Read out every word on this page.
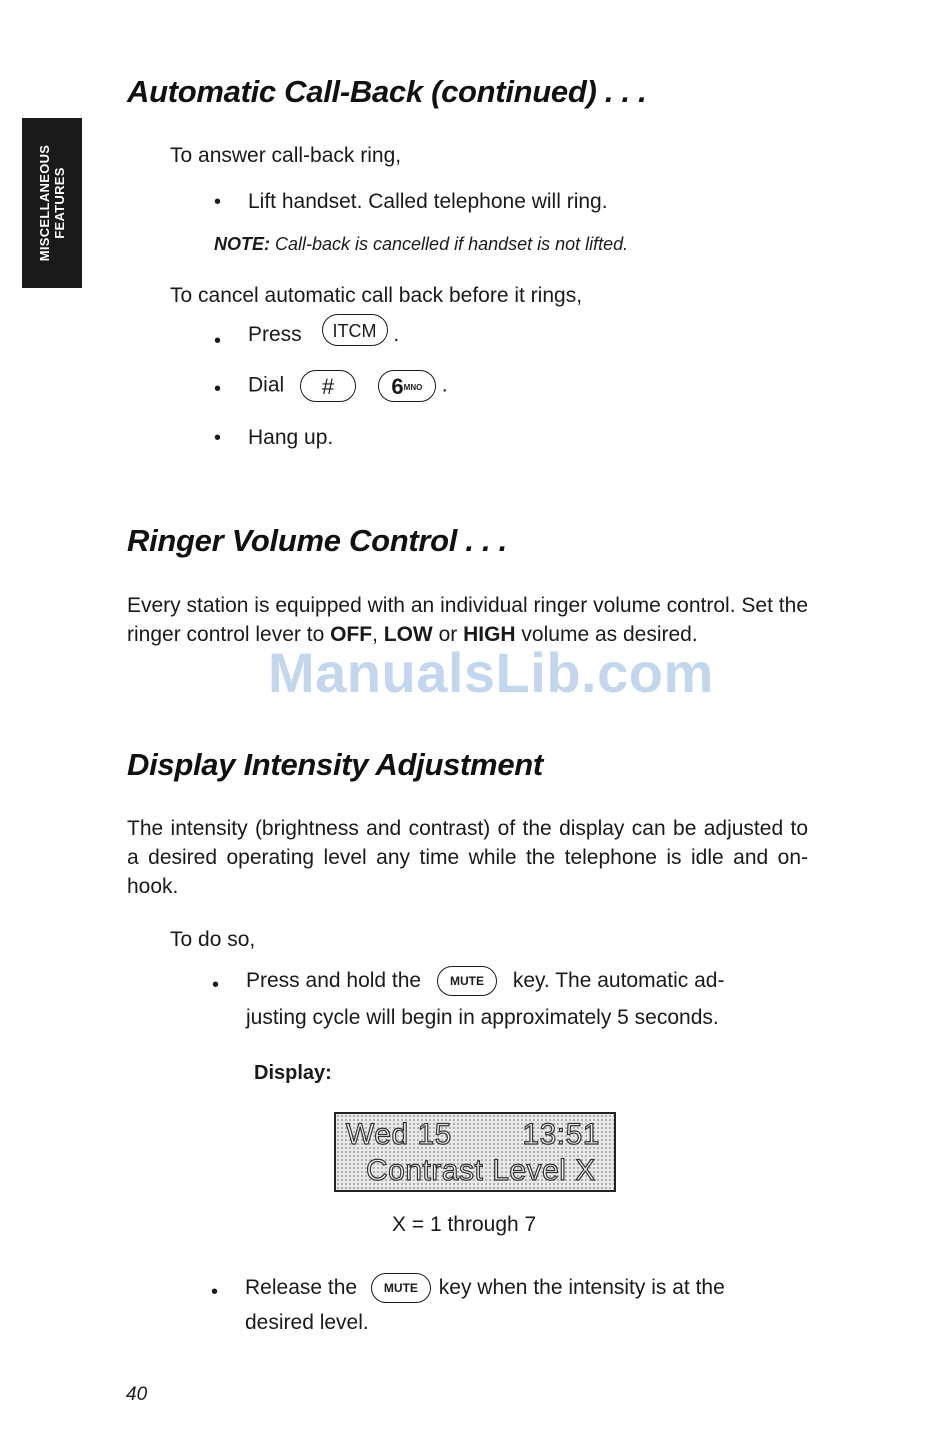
MISCELLANEOUS FEATURES
Automatic Call-Back (continued) . . .
To answer call-back ring,
• Lift handset. Called telephone will ring.
NOTE: Call-back is cancelled if handset is not lifted.
To cancel automatic call back before it rings,
• Press ITCM .
• Dial #	6MNO .
• Hang up.
Ringer Volume Control . . .
Every station is equipped with an individual ringer volume control. Set the ringer control lever to OFF, LOW or HIGH volume as desired.
ManualsLib.com
Display Intensity Adjustment
The intensity (brightness and contrast) of the display can be adjusted to a desired operating level any time while the telephone is idle and on-hook.
To do so,
• Press and hold the MUTE key. The automatic ad-
justing cycle will begin in approximately 5 seconds.
Display:
Wed 15 13:51
Contrast Level X
X = 1 through 7
• Release the MUTE key when the intensity is at the
desired level.
40
